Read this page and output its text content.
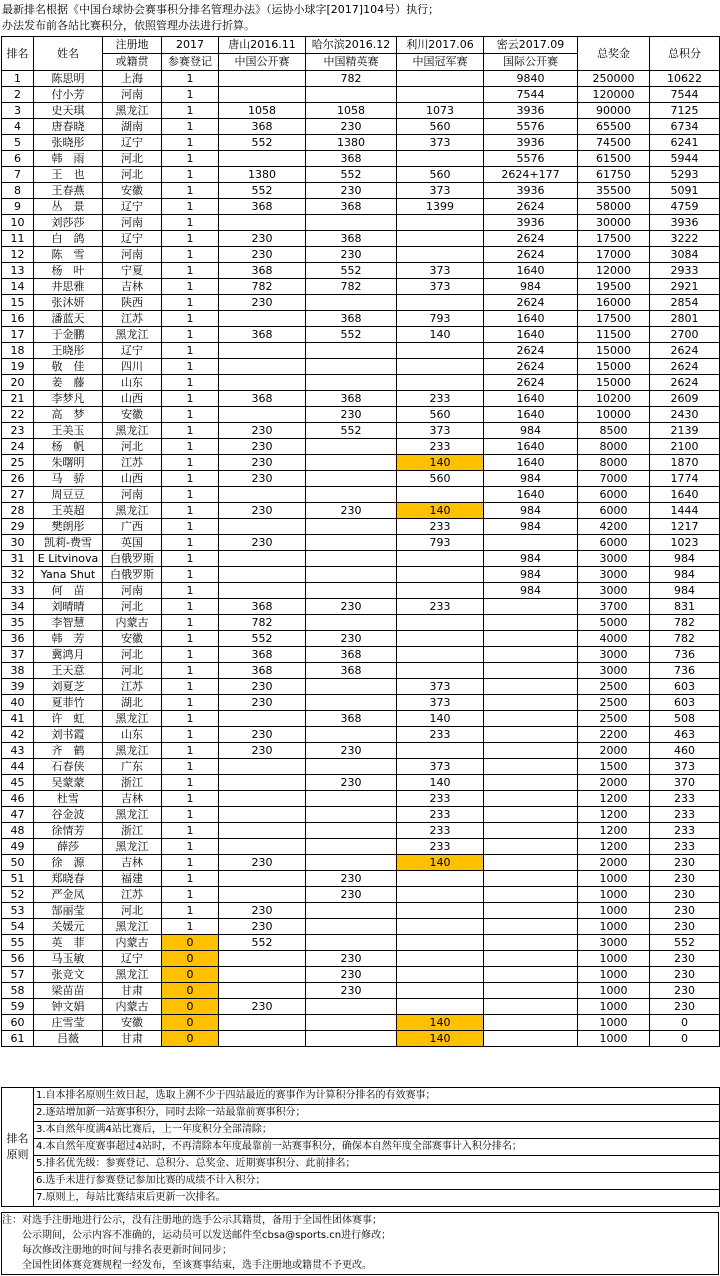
最新排名根据《中国台球协会赛事积分排名管理办法》（运协小球字[2017]104号）执行；
办法发布前各站比赛积分，依照管理办法进行折算。
排名	姓名	注册地	2017	唐山2016.11	哈尔滨2016.12	利川2017.06	密云2017.09	总奖金	总积分
		或籍贯	参赛登记	中国公开赛	中国精英赛	中国冠军赛	国际公开赛		
1	陈思明	上海	1		782		9840	250000	10622
2	付小芳	河南	1				7544	120000	7544
3	史天琪	黑龙江	1	1058	1058	1073	3936	90000	7125
4	唐春晓	湖南	1	368	230	560	5576	65500	6734
5	张晓彤	辽宁	1	552	1380	373	3936	74500	6241
6	韩　雨	河北	1		368		5576	61500	5944
7	王　也	河北	1	1380	552	560	2624+177	61750	5293
8	王春燕	安徽	1	552	230	373	3936	35500	5091
9	丛　景	辽宁	1	368	368	1399	2624	58000	4759
10	刘莎莎	河南	1				3936	30000	3936
11	白　鸽	辽宁	1	230	368		2624	17500	3222
12	陈　雪	河南	1	230	230		2624	17000	3084
13	杨　叶	宁夏	1	368	552	373	1640	12000	2933
14	井思雅	吉林	1	782	782	373	984	19500	2921
15	张沐妍	陕西	1	230			2624	16000	2854
16	潘蓝天	江苏	1		368	793	1640	17500	2801
17	于金鹏	黑龙江	1	368	552	140	1640	11500	2700
18	王晓彤	辽宁	1				2624	15000	2624
19	敬　佳	四川	1				2624	15000	2624
20	姜　藤	山东	1				2624	15000	2624
21	李梦凡	山西	1	368	368	233	1640	10200	2609
22	高　梦	安徽	1		230	560	1640	10000	2430
23	王美玉	黑龙江	1	230	552	373	984	8500	2139
24	杨　帆	河北	1	230		233	1640	8000	2100
25	朱曙明	江苏	1	230		140	1640	8000	1870
26	马　骄	山西	1	230		560	984	7000	1774
27	周豆豆	河南	1				1640	6000	1640
28	王英超	黑龙江	1	230	230	140	984	6000	1444
29	樊朗彤	广西	1			233	984	4200	1217
30	凯莉-费雪	英国	1	230		793		6000	1023
31	E Litvinova	白俄罗斯	1				984	3000	984
32	Yana Shut	白俄罗斯	1				984	3000	984
33	何　苗	河南	1				984	3000	984
34	刘晴晴	河北	1	368	230	233		3700	831
35	李智慧	内蒙古	1	782				5000	782
36	韩　芳	安徽	1	552	230			4000	782
37	冀鸿月	河北	1	368	368			3000	736
38	王天意	河北	1	368	368			3000	736
39	刘夏芝	江苏	1	230		373		2500	603
40	夏菲竹	湖北	1	230		373		2500	603
41	许　虹	黑龙江	1		368	140		2500	508
42	刘书霞	山东	1	230		233		2200	463
43	齐　鹤	黑龙江	1	230	230			2000	460
44	石春侠	广东	1			373		1500	373
45	吴蒙蒙	浙江	1		230	140		2000	370
46	杜雪	吉林	1			233		1200	233
47	谷金波	黑龙江	1			233		1200	233
48	徐情芳	浙江	1			233		1200	233
49	薛莎	黑龙江	1			233		1200	233
50	徐　源	吉林	1	230		140		2000	230
51	郑晓春	福建	1		230			1000	230
52	严金凤	江苏	1		230			1000	230
53	郜丽莹	河北	1	230				1000	230
54	关媛元	黑龙江	1	230				1000	230
55	英　菲	内蒙古	0	552				3000	552
56	马玉敏	辽宁	0		230			1000	230
57	张竞文	黑龙江	0		230			1000	230
58	梁苗苗	甘肃	0		230			1000	230
59	钟文娟	内蒙古	0	230				1000	230
60	庄雪莹	安徽	0			140		1000	0
61	吕薇	甘肃	0			140		1000	0
排名
原则	1.自本排名原则生效日起，选取上溯不少于四站最近的赛事作为计算积分排名的有效赛事；	
	2.逐站增加新一站赛事积分，同时去除一站最靠前赛事积分；	
	3.本自然年度满4站比赛后，上一年度积分全部清除；	
	4.本自然年度赛事超过4站时，不再清除本年度最靠前一站赛事积分，确保本自然年度全部赛事计入积分排名；	
	5.排名优先级：参赛登记、总积分、总奖金、近期赛事积分、此前排名；	
	6.选手未进行参赛登记参加比赛的成绩不计入积分；	
	7.原则上，每站比赛结束后更新一次排名。	
注：对选手注册地进行公示，没有注册地的选手公示其籍贯，备用于全国性团体赛事；
　　公示期间，公示内容不准确的，运动员可以发送邮件至cbsa@sports.cn进行修改；
　　每次修改注册地的时间与排名表更新时间同步；
　　全国性团体赛竞赛规程一经发布，至该赛事结束，选手注册地或籍贯不予更改。
